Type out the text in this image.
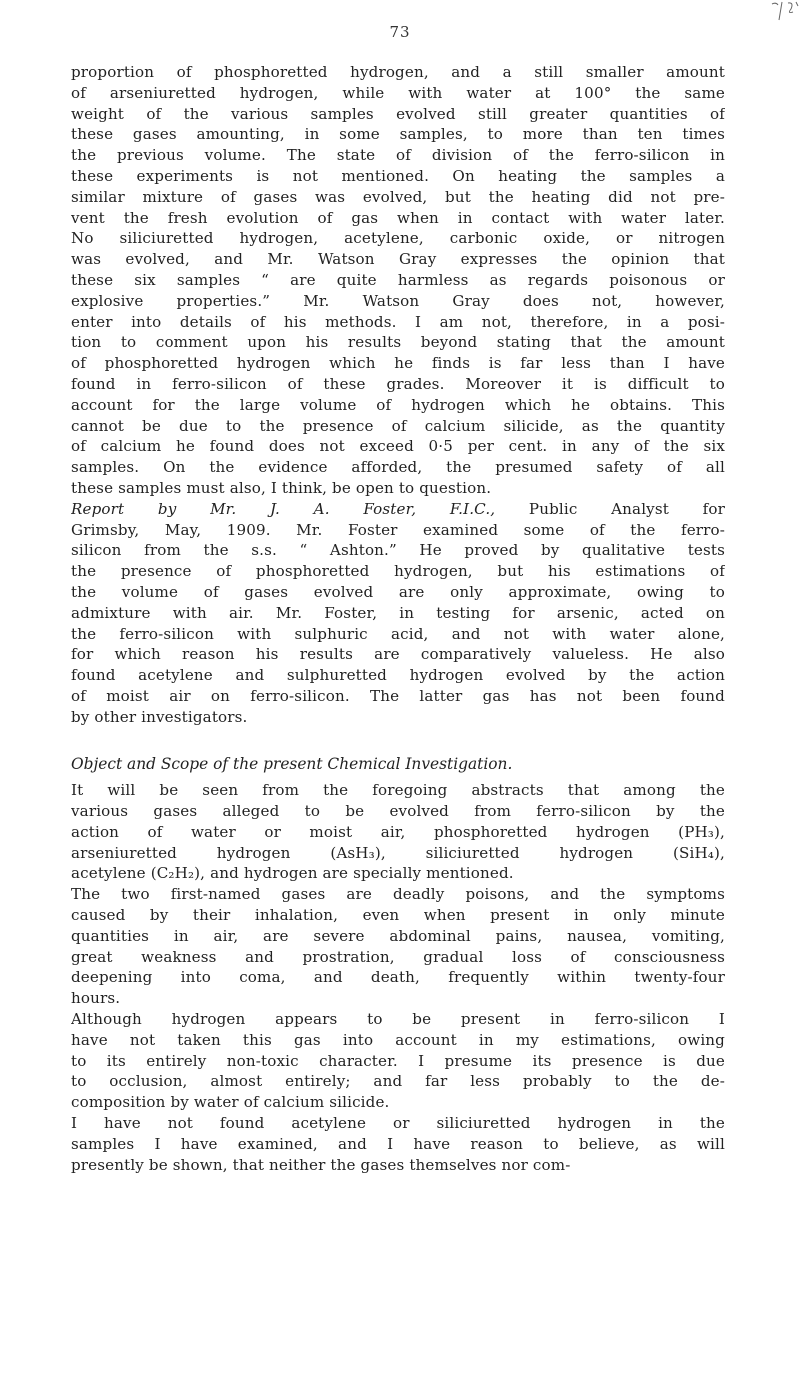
73
proportion of phosphoretted hydrogen, and a still smaller amount
of arseniuretted hydrogen, while with water at 100° the same
weight of the various samples evolved still greater quantities of
these gases amounting, in some samples, to more than ten times
the previous volume. The state of division of the ferro-silicon in
these experiments is not mentioned. On heating the samples a
similar mixture of gases was evolved, but the heating did not pre-
vent the fresh evolution of gas when in contact with water later.
No siliciuretted hydrogen, acetylene, carbonic oxide, or nitrogen
was evolved, and Mr. Watson Gray expresses the opinion that
these six samples “ are quite harmless as regards poisonous or
explosive properties.” Mr. Watson Gray does not, however,
enter into details of his methods. I am not, therefore, in a posi-
tion to comment upon his results beyond stating that the amount
of phosphoretted hydrogen which he finds is far less than I have
found in ferro-silicon of these grades. Moreover it is difficult to
account for the large volume of hydrogen which he obtains. This
cannot be due to the presence of calcium silicide, as the quantity
of calcium he found does not exceed 0·5 per cent. in any of the six
samples. On the evidence afforded, the presumed safety of all
these samples must also, I think, be open to question.
Report by Mr. J. A. Foster, F.I.C., Public Analyst for
Grimsby, May, 1909. Mr. Foster examined some of the ferro-
silicon from the s.s. “ Ashton.” He proved by qualitative tests
the presence of phosphoretted hydrogen, but his estimations of
the volume of gases evolved are only approximate, owing to
admixture with air. Mr. Foster, in testing for arsenic, acted on
the ferro-silicon with sulphuric acid, and not with water alone,
for which reason his results are comparatively valueless. He also
found acetylene and sulphuretted hydrogen evolved by the action
of moist air on ferro-silicon. The latter gas has not been found
by other investigators.
Object and Scope of the present Chemical Investigation.
It will be seen from the foregoing abstracts that among the
various gases alleged to be evolved from ferro-silicon by the
action of water or moist air, phosphoretted hydrogen (PH₃),
arseniuretted hydrogen (AsH₃), siliciuretted hydrogen (SiH₄),
acetylene (C₂H₂), and hydrogen are specially mentioned.
The two first-named gases are deadly poisons, and the symptoms
caused by their inhalation, even when present in only minute
quantities in air, are severe abdominal pains, nausea, vomiting,
great weakness and prostration, gradual loss of consciousness
deepening into coma, and death, frequently within twenty-four
hours.
Although hydrogen appears to be present in ferro-silicon I
have not taken this gas into account in my estimations, owing
to its entirely non-toxic character. I presume its presence is due
to occlusion, almost entirely; and far less probably to the de-
composition by water of calcium silicide.
I have not found acetylene or siliciuretted hydrogen in the
samples I have examined, and I have reason to believe, as will
presently be shown, that neither the gases themselves nor com-
